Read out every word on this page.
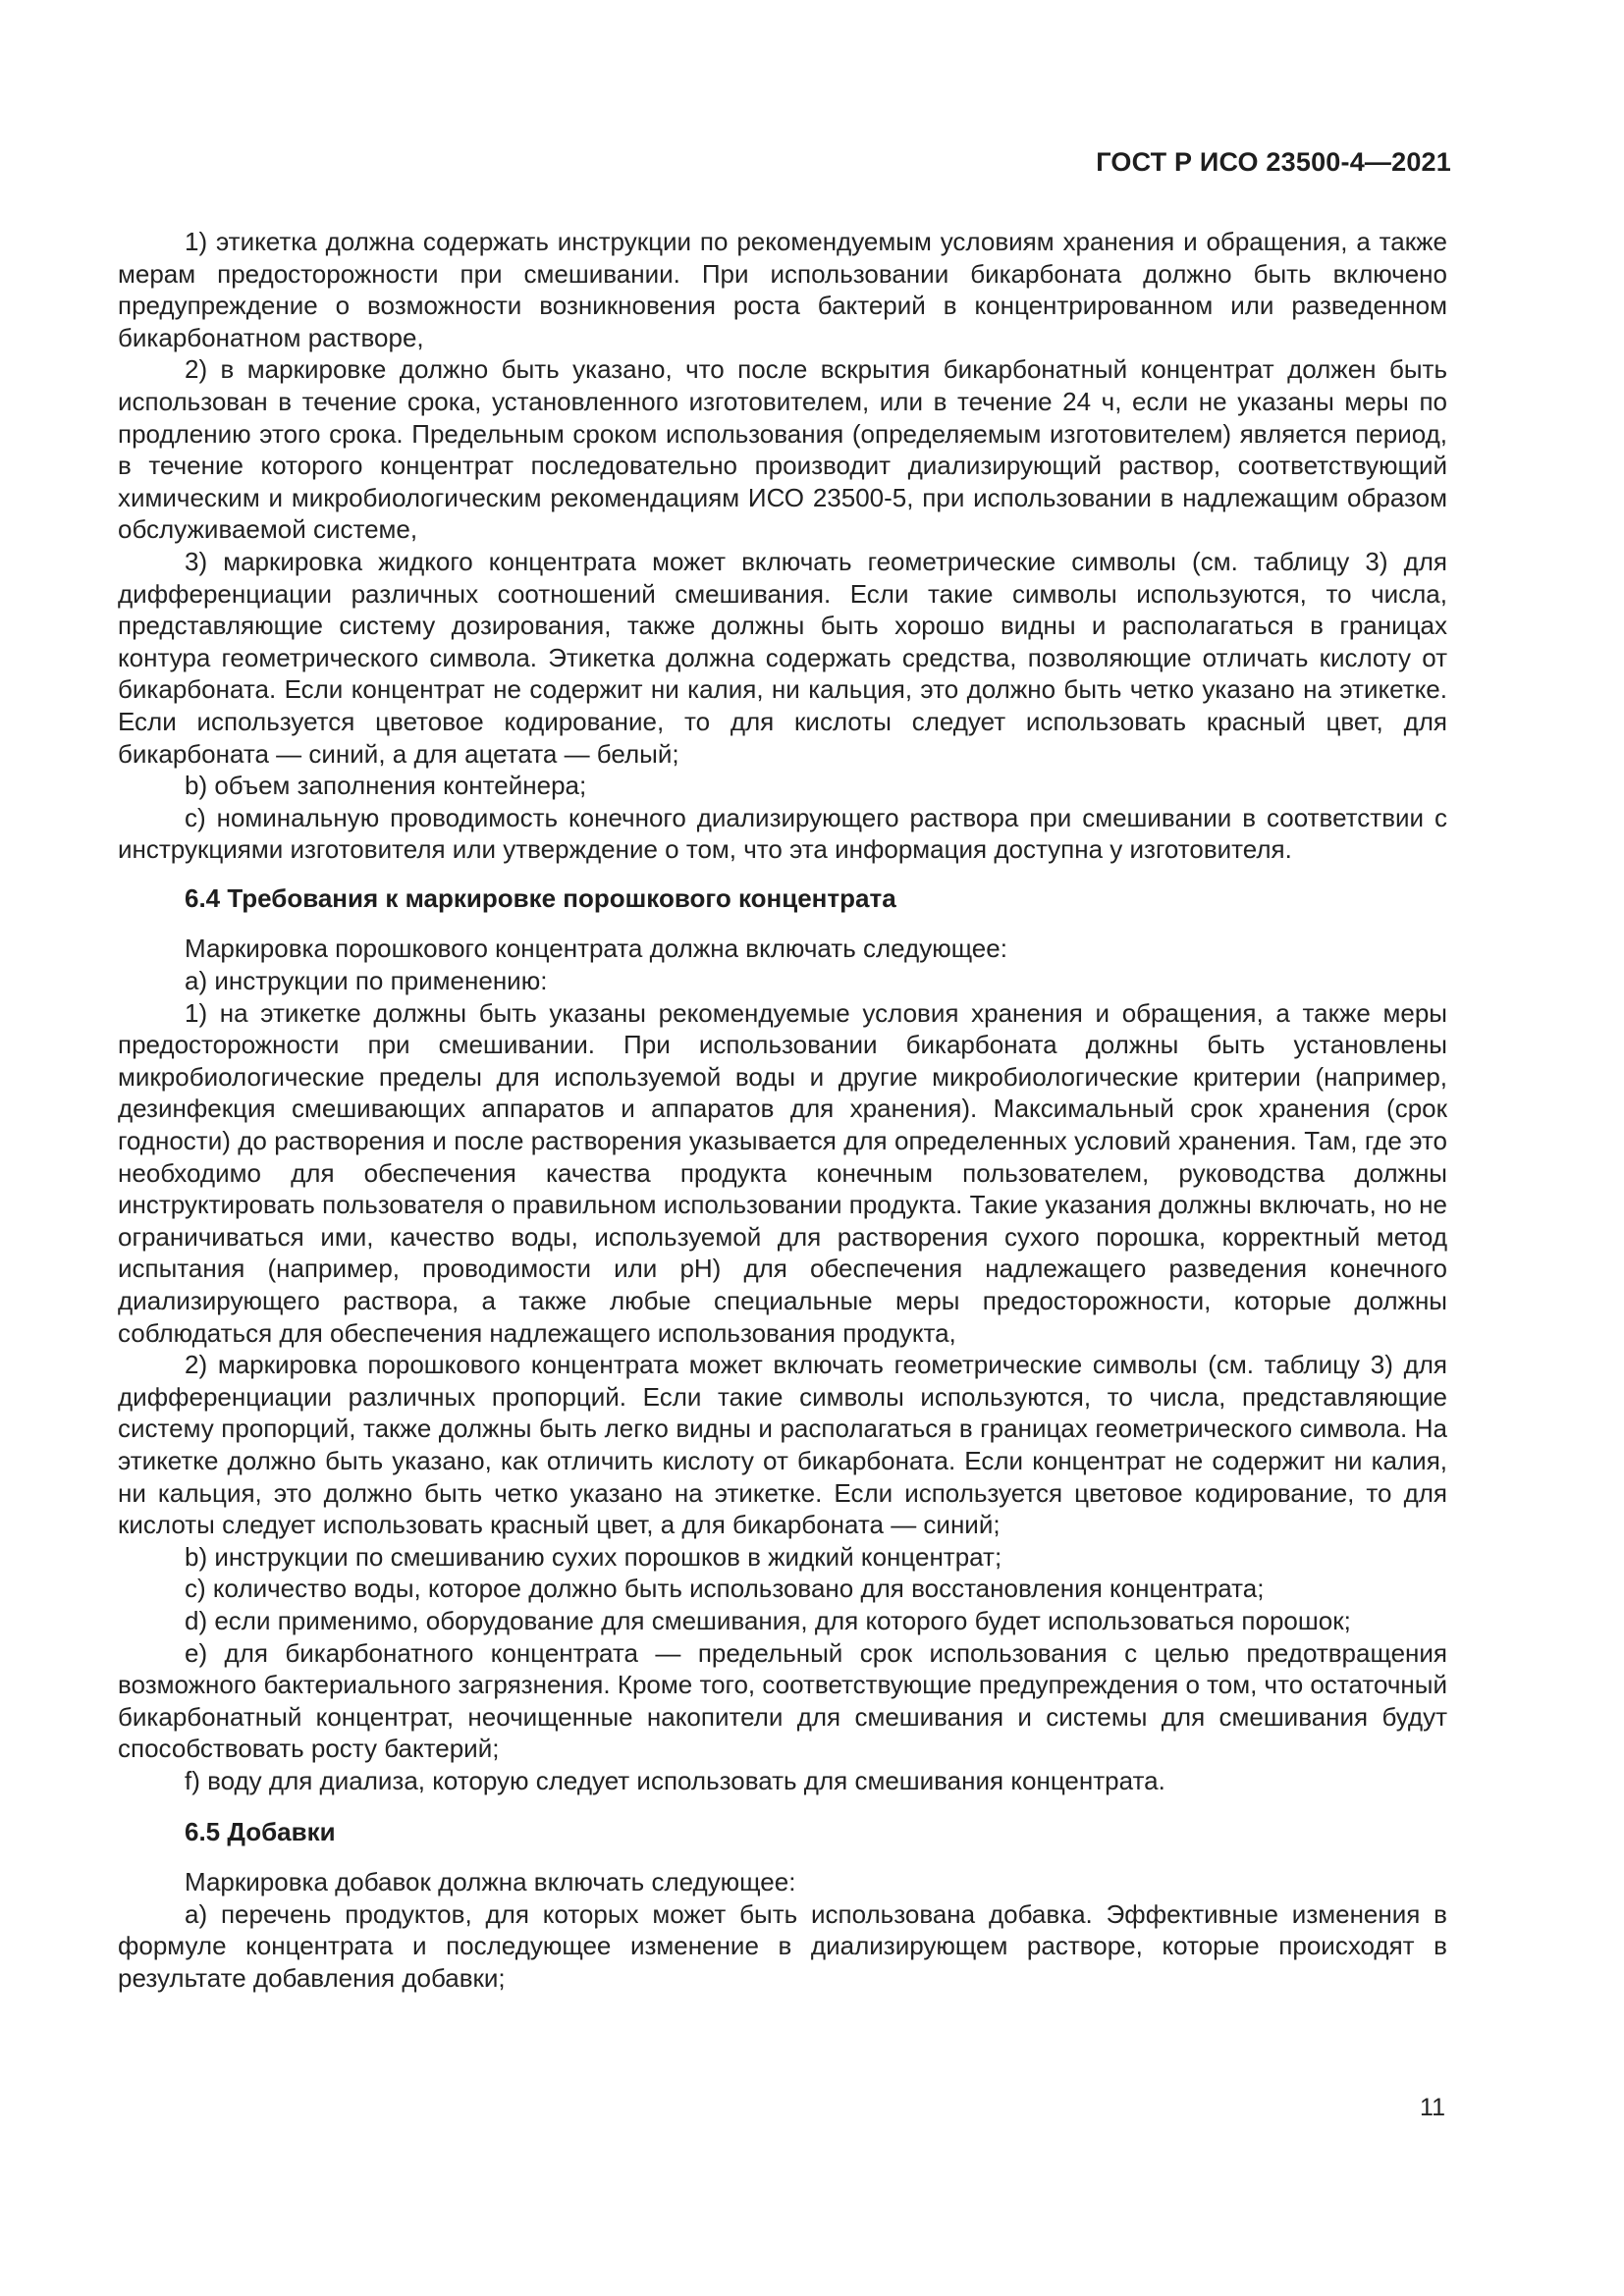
ГОСТ Р ИСО 23500-4—2021

1) этикетка должна содержать инструкции по рекомендуемым условиям хранения и обращения, а также мерам предосторожности при смешивании. При использовании бикарбоната должно быть включено предупреждение о возможности возникновения роста бактерий в концентрированном или разведенном бикарбонатном растворе,

2) в маркировке должно быть указано, что после вскрытия бикарбонатный концентрат должен быть использован в течение срока, установленного изготовителем, или в течение 24 ч, если не указаны меры по продлению этого срока. Предельным сроком использования (определяемым изготовителем) является период, в течение которого концентрат последовательно производит диализирующий раствор, соответствующий химическим и микробиологическим рекомендациям ИСО 23500-5, при использовании в надлежащим образом обслуживаемой системе,

3) маркировка жидкого концентрата может включать геометрические символы (см. таблицу 3) для дифференциации различных соотношений смешивания. Если такие символы используются, то числа, представляющие систему дозирования, также должны быть хорошо видны и располагаться в границах контура геометрического символа. Этикетка должна содержать средства, позволяющие отличать кислоту от бикарбоната. Если концентрат не содержит ни калия, ни кальция, это должно быть четко указано на этикетке. Если используется цветовое кодирование, то для кислоты следует использовать красный цвет, для бикарбоната — синий, а для ацетата — белый;

b) объем заполнения контейнера;

c) номинальную проводимость конечного диализирующего раствора при смешивании в соответствии с инструкциями изготовителя или утверждение о том, что эта информация доступна у изготовителя.

6.4 Требования к маркировке порошкового концентрата

Маркировка порошкового концентрата должна включать следующее:

a) инструкции по применению:

1) на этикетке должны быть указаны рекомендуемые условия хранения и обращения, а также меры предосторожности при смешивании. При использовании бикарбоната должны быть установлены микробиологические пределы для используемой воды и другие микробиологические критерии (например, дезинфекция смешивающих аппаратов и аппаратов для хранения). Максимальный срок хранения (срок годности) до растворения и после растворения указывается для определенных условий хранения. Там, где это необходимо для обеспечения качества продукта конечным пользователем, руководства должны инструктировать пользователя о правильном использовании продукта. Такие указания должны включать, но не ограничиваться ими, качество воды, используемой для растворения сухого порошка, корректный метод испытания (например, проводимости или pH) для обеспечения надлежащего разведения конечного диализирующего раствора, а также любые специальные меры предосторожности, которые должны соблюдаться для обеспечения надлежащего использования продукта,

2) маркировка порошкового концентрата может включать геометрические символы (см. таблицу 3) для дифференциации различных пропорций. Если такие символы используются, то числа, представляющие систему пропорций, также должны быть легко видны и располагаться в границах геометрического символа. На этикетке должно быть указано, как отличить кислоту от бикарбоната. Если концентрат не содержит ни калия, ни кальция, это должно быть четко указано на этикетке. Если используется цветовое кодирование, то для кислоты следует использовать красный цвет, а для бикарбоната — синий;

b) инструкции по смешиванию сухих порошков в жидкий концентрат;

c) количество воды, которое должно быть использовано для восстановления концентрата;

d) если применимо, оборудование для смешивания, для которого будет использоваться порошок;

e) для бикарбонатного концентрата — предельный срок использования с целью предотвращения возможного бактериального загрязнения. Кроме того, соответствующие предупреждения о том, что остаточный бикарбонатный концентрат, неочищенные накопители для смешивания и системы для смешивания будут способствовать росту бактерий;

f) воду для диализа, которую следует использовать для смешивания концентрата.

6.5 Добавки

Маркировка добавок должна включать следующее:

a) перечень продуктов, для которых может быть использована добавка. Эффективные изменения в формуле концентрата и последующее изменение в диализирующем растворе, которые происходят в результате добавления добавки;

11
